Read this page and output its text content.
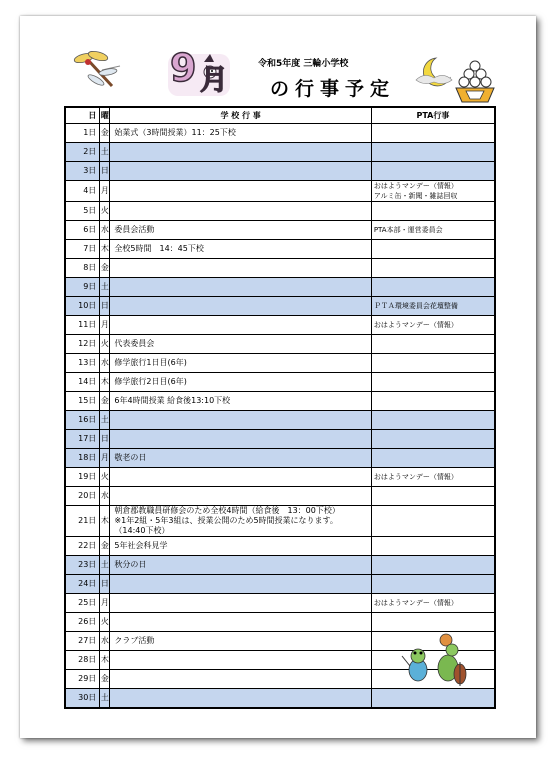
9 月	令和5年度 三輪小学校
の行事予定
日	曜	学 校 行 事	PTA行事
1日	金	始業式（3時間授業）11：25下校	
2日	土		
3日	日		
4日	月		おはようマンデー（情報）
アルミ缶・新聞・雑誌回収

5日	火		
6日	水	委員会活動	PTA本部・運営委員会
7日	木	全校5時間　14：45下校	
8日	金		
9日	土		
10日	日		ＰＴＡ環境委員会花壇整備
11日	月		おはようマンデー（情報）
12日	火	代表委員会	
13日	水	修学旅行1日目(6年)	
14日	木	修学旅行2日目(6年)	
15日	金	6年4時間授業 給食後13:10下校	
16日	土		
17日	日		
18日	月	敬老の日	
19日	火		おはようマンデー（情報）
20日	水		
21日	木	朝倉郡教職員研修会のため全校4時間（給食後　13：00下校）
※1年2組・5年3組は、授業公開のため5時間授業になります。
（14:40下校）	

22日	金	5年社会科見学	
23日	土	秋分の日	
24日	日		
25日	月		おはようマンデー（情報）
26日	火		
27日	水	クラブ活動	
28日	木		
29日	金		
30日	土		
